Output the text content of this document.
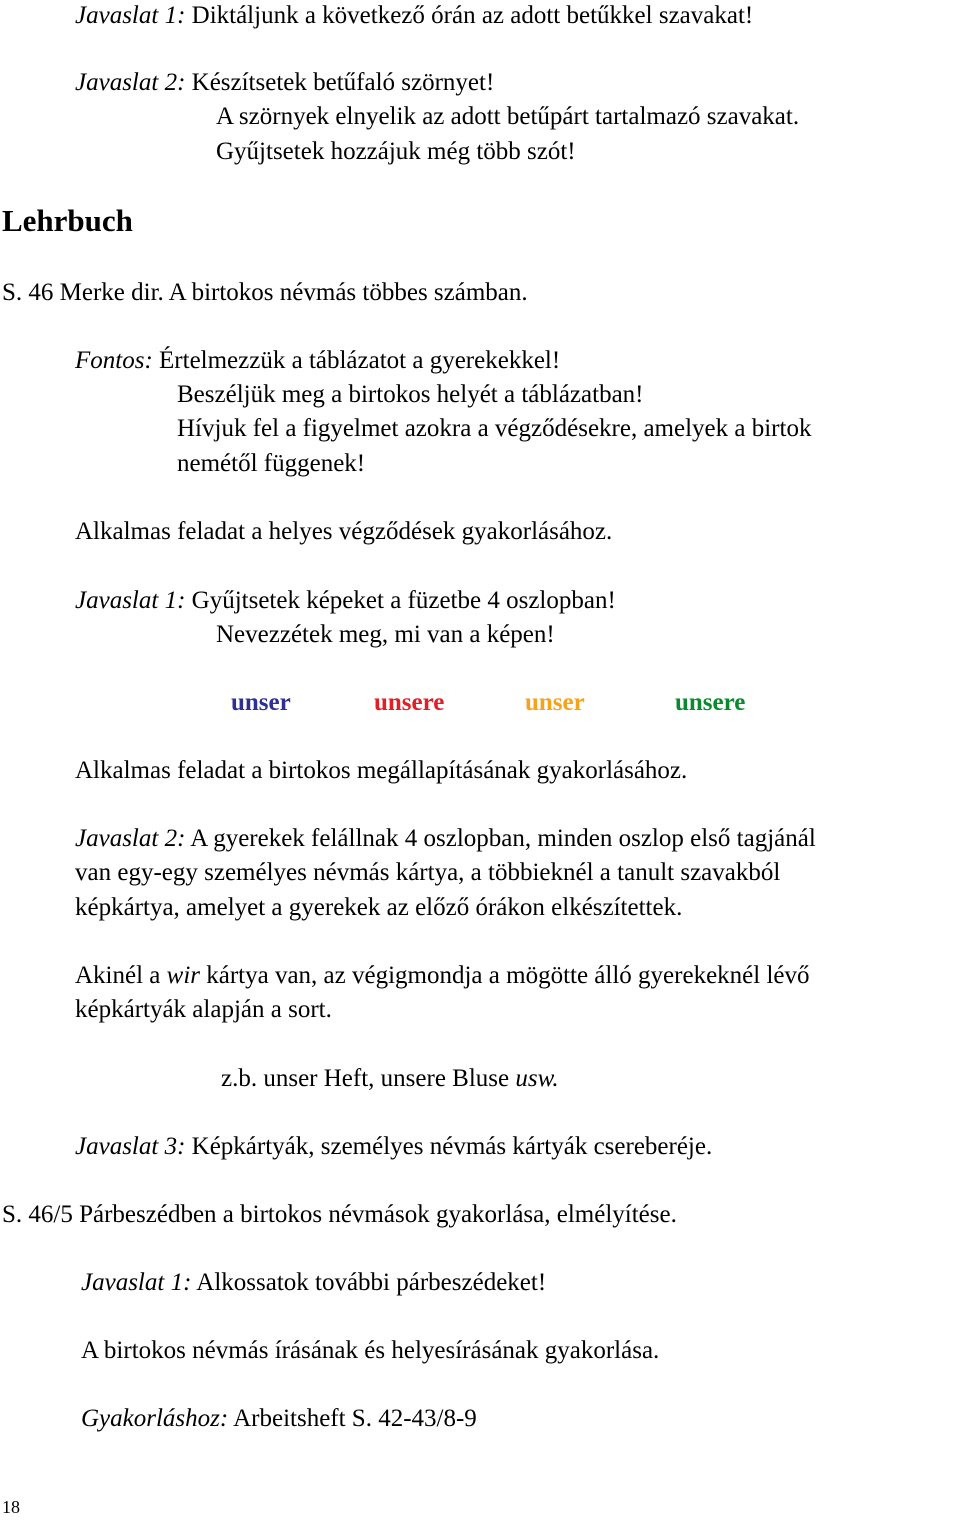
Javaslat 1: Diktáljunk a következő órán az adott betűkkel szavakat!
Javaslat 2: Készítsetek betűfaló szörnyet!
A szörnyek elnyelik az adott betűpárt tartalmazó szavakat.
Gyűjtsetek hozzájuk még több szót!
Lehrbuch
S. 46 Merke dir. A birtokos névmás többes számban.
Fontos: Értelmezzük a táblázatot a gyerekekkel!
Beszéljük meg a birtokos helyét a táblázatban!
Hívjuk fel a figyelmet azokra a végződésekre, amelyek a birtok
nemétől függenek!
Alkalmas feladat a helyes végződések gyakorlásához.
Javaslat 1: Gyűjtsetek képeket a füzetbe 4 oszlopban!
Nevezzétek meg, mi van a képen!
unser	unsere	unser	unsere
Alkalmas feladat a birtokos megállapításának gyakorlásához.
Javaslat 2: A gyerekek felállnak 4 oszlopban, minden oszlop első tagjánál
van egy-egy személyes névmás kártya, a többieknél a tanult szavakból
képkártya, amelyet a gyerekek az előző órákon elkészítettek.
Akinél a wir kártya van, az végigmondja a mögötte álló gyerekeknél lévő
képkártyák alapján a sort.
z.b. unser Heft, unsere Bluse usw.
Javaslat 3: Képkártyák, személyes névmás kártyák csereberéje.
S. 46/5 Párbeszédben a birtokos névmások gyakorlása, elmélyítése.
Javaslat 1: Alkossatok további párbeszédeket!
A birtokos névmás írásának és helyesírásának gyakorlása.
Gyakorláshoz: Arbeitsheft S. 42-43/8-9
18
